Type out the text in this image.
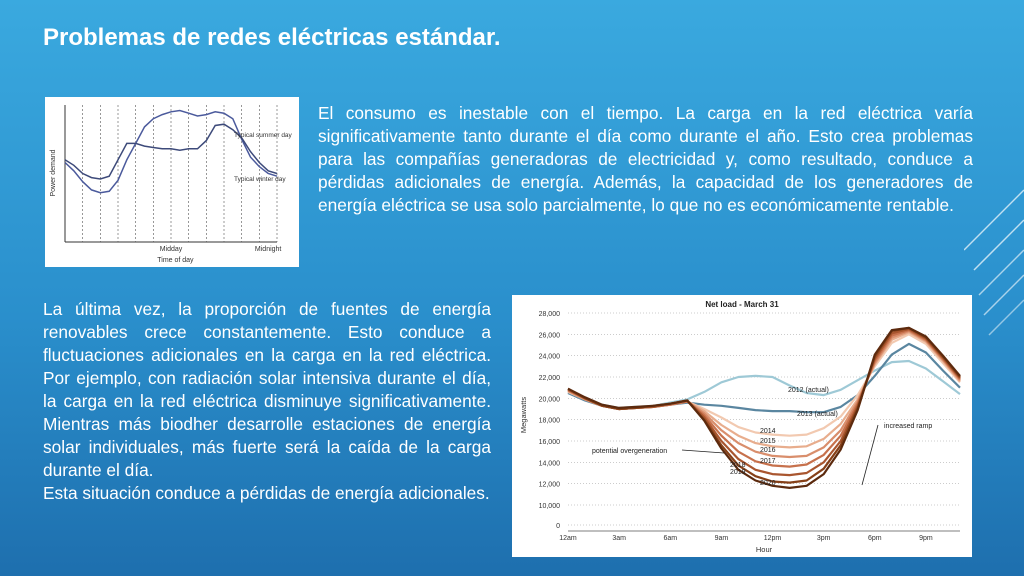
Problemas de redes eléctricas estándar.
Power demand
Midday	Midnight
Time of day
Typical summer day
Typical winter day

El consumo es inestable con el tiempo. La carga en la red eléctrica varía significativamente tanto durante el día como durante el año. Esto crea problemas para las compañías generadoras de electricidad y, como resultado, conduce a pérdidas adicionales de energía. Además, la capacidad de los generadores de energía eléctrica se usa solo parcialmente, lo que no es económicamente rentable.

La última vez, la proporción de fuentes de energía renovables crece constantemente. Esto conduce a fluctuaciones adicionales en la carga en la red eléctrica. Por ejemplo, con radiación solar intensiva durante el día, la carga en la red eléctrica disminuye significativamente. Mientras más biodher desarrolle estaciones de energía solar individuales, más fuerte será la caída de la carga durante el día.

Esta situación conduce a pérdidas de energía adicionales.

Net load - March 31
0
10,000
12,000
14,000
16,000
18,000
20,000
22,000
24,000
26,000
28,000
Megawatts
12am	3am	6am	9am	12pm	3pm	6pm	9pm
Hour
2012 (actual)
2013 (actual)
2014
2015
2016
2017
2018
2019
2020
increased ramp
potential overgeneration
